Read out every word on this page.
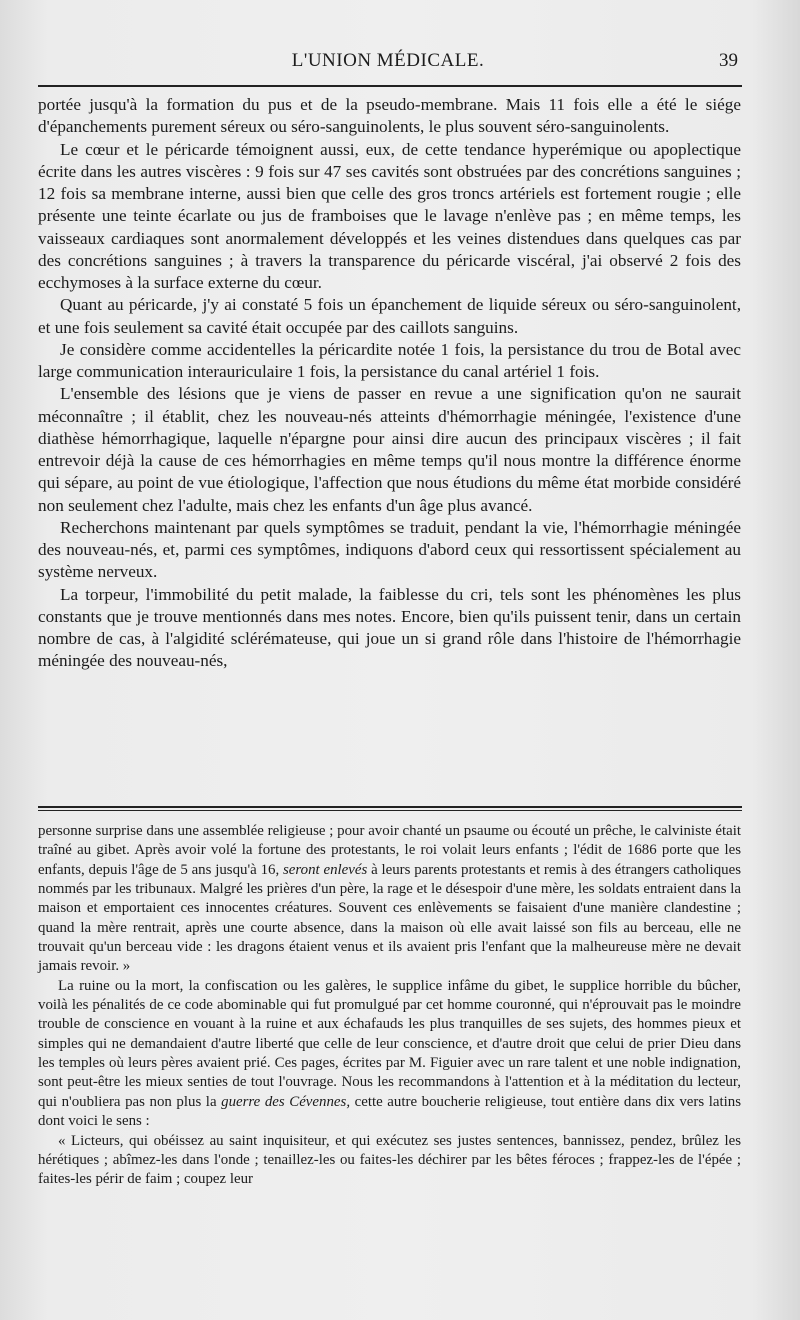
L'UNION MÉDICALE.	39

portée jusqu'à la formation du pus et de la pseudo-membrane. Mais 11 fois elle a été le siége d'épanchements purement séreux ou séro-sanguinolents, le plus souvent séro-sanguinolents.

Le cœur et le péricarde témoignent aussi, eux, de cette tendance hyperémique ou apoplectique écrite dans les autres viscères : 9 fois sur 47 ses cavités sont obstruées par des concrétions sanguines ; 12 fois sa membrane interne, aussi bien que celle des gros troncs artériels est fortement rougie ; elle présente une teinte écarlate ou jus de framboises que le lavage n'enlève pas ; en même temps, les vaisseaux cardiaques sont anormalement développés et les veines distendues dans quelques cas par des concrétions sanguines ; à travers la transparence du péricarde viscéral, j'ai observé 2 fois des ecchymoses à la surface externe du cœur.

Quant au péricarde, j'y ai constaté 5 fois un épanchement de liquide séreux ou séro-sanguinolent, et une fois seulement sa cavité était occupée par des caillots sanguins.

Je considère comme accidentelles la péricardite notée 1 fois, la persistance du trou de Botal avec large communication interauriculaire 1 fois, la persistance du canal artériel 1 fois.

L'ensemble des lésions que je viens de passer en revue a une signification qu'on ne saurait méconnaître ; il établit, chez les nouveau-nés atteints d'hémorrhagie méningée, l'existence d'une diathèse hémorrhagique, laquelle n'épargne pour ainsi dire aucun des principaux viscères ; il fait entrevoir déjà la cause de ces hémorrhagies en même temps qu'il nous montre la différence énorme qui sépare, au point de vue étiologique, l'affection que nous étudions du même état morbide considéré non seulement chez l'adulte, mais chez les enfants d'un âge plus avancé.

Recherchons maintenant par quels symptômes se traduit, pendant la vie, l'hémorrhagie méningée des nouveau-nés, et, parmi ces symptômes, indiquons d'abord ceux qui ressortissent spécialement au système nerveux.

La torpeur, l'immobilité du petit malade, la faiblesse du cri, tels sont les phénomènes les plus constants que je trouve mentionnés dans mes notes. Encore, bien qu'ils puissent tenir, dans un certain nombre de cas, à l'algidité sclérémateuse, qui joue un si grand rôle dans l'histoire de l'hémorrhagie méningée des nouveau-nés,

personne surprise dans une assemblée religieuse ; pour avoir chanté un psaume ou écouté un prêche, le calviniste était traîné au gibet. Après avoir volé la fortune des protestants, le roi volait leurs enfants ; l'édit de 1686 porte que les enfants, depuis l'âge de 5 ans jusqu'à 16, seront enlevés à leurs parents protestants et remis à des étrangers catholiques nommés par les tribunaux. Malgré les prières d'un père, la rage et le désespoir d'une mère, les soldats entraient dans la maison et emportaient ces innocentes créatures. Souvent ces enlèvements se faisaient d'une manière clandestine ; quand la mère rentrait, après une courte absence, dans la maison où elle avait laissé son fils au berceau, elle ne trouvait qu'un berceau vide : les dragons étaient venus et ils avaient pris l'enfant que la malheureuse mère ne devait jamais revoir. »

La ruine ou la mort, la confiscation ou les galères, le supplice infâme du gibet, le supplice horrible du bûcher, voilà les pénalités de ce code abominable qui fut promulgué par cet homme couronné, qui n'éprouvait pas le moindre trouble de conscience en vouant à la ruine et aux échafauds les plus tranquilles de ses sujets, des hommes pieux et simples qui ne demandaient d'autre liberté que celle de leur conscience, et d'autre droit que celui de prier Dieu dans les temples où leurs pères avaient prié. Ces pages, écrites par M. Figuier avec un rare talent et une noble indignation, sont peut-être les mieux senties de tout l'ouvrage. Nous les recommandons à l'attention et à la méditation du lecteur, qui n'oubliera pas non plus la guerre des Cévennes, cette autre boucherie religieuse, tout entière dans dix vers latins dont voici le sens :

« Licteurs, qui obéissez au saint inquisiteur, et qui exécutez ses justes sentences, bannissez, pendez, brûlez les hérétiques ; abîmez-les dans l'onde ; tenaillez-les ou faites-les déchirer par les bêtes féroces ; frappez-les de l'épée ; faites-les périr de faim ; coupez leur
